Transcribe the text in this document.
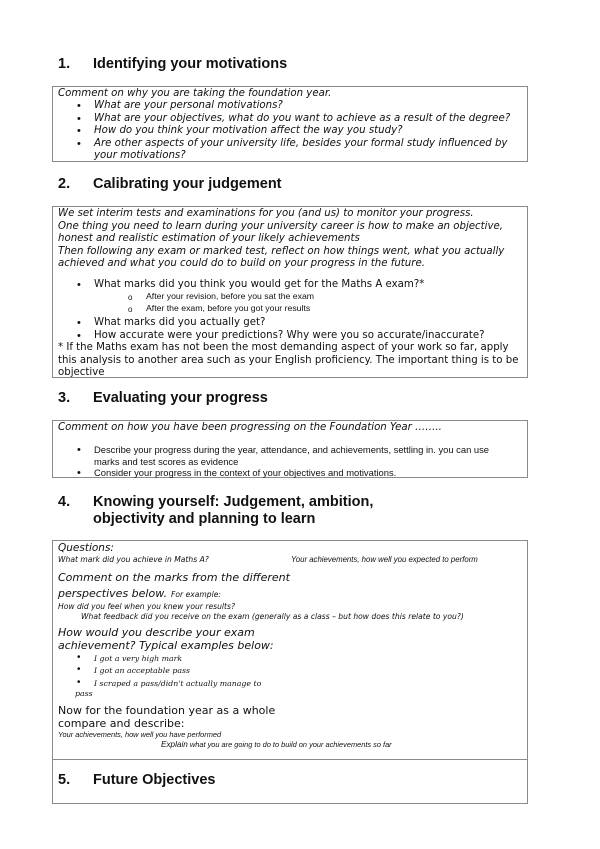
1. Identifying your motivations
Comment on why you are taking the foundation year.
• What are your personal motivations?
• What are your objectives, what do you want to achieve as a result of the degree?
• How do you think your motivation affect the way you study?
• Are other aspects of your university life, besides your formal study influenced by
your motivations?
2. Calibrating your judgement
We set interim tests and examinations for you (and us) to monitor your progress.
One thing you need to learn during your university career is how to make an objective,
honest and realistic estimation of your likely achievements
Then following any exam or marked test, reflect on how things went, what you actually
achieved and what you could do to build on your progress in the future.
• What marks did you think you would get for the Maths A exam?*
o After your revision, before you sat the exam
o After the exam, before you got your results
• What marks did you actually get?
• How accurate were your predictions? Why were you so accurate/inaccurate?
* If the Maths exam has not been the most demanding aspect of your work so far, apply
this analysis to another area such as your English proficiency. The important thing is to be
objective
3. Evaluating your progress
Comment on how you have been progressing on the Foundation Year ……..
• Describe your progress during the year, attendance, and achievements, settling in. you can use
marks and test scores as evidence
• Consider your progress in the context of your objectives and motivations.
4. Knowing yourself: Judgement, ambition,
objectivity and planning to learn
Questions:
What mark did you achieve in Maths A?	Your achievements, how well you expected to perform
Comment on the marks from the different
perspectives below. For example:
How did you feel when you knew your results?
What feedback did you receive on the exam (generally as a class – but how does this relate to you?)
How would you describe your exam
achievement? Typical examples below:
• I got a very high mark
• I got an acceptable pass
• I scraped a pass/didn't actually manage to
pass
Now for the foundation year as a whole
compare and describe:
Your achievements, how well you have performed
Explain what you are going to do to build on your achievements so far
5. Future Objectives
